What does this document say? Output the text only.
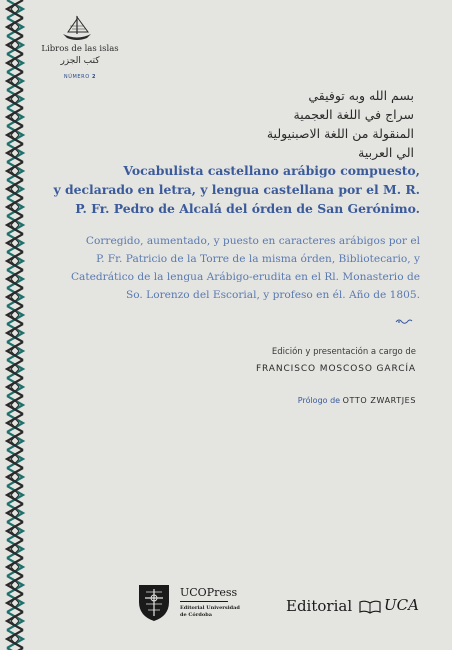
Libros de las islas
كتب الجزر
NÚMERO 2
بسم الله وبه توفيقي
سراج في اللغة العجمية
المنقولة من اللغة الاصبنيولية
الي العربية
Vocabulista castellano arábigo compuesto,
y declarado en letra, y lengua castellana por el M. R.
P. Fr. Pedro de Alcalá del órden de San Gerónimo.
Corregido, aumentado, y puesto en caracteres arábigos por el
P. Fr. Patricio de la Torre de la misma órden, Bibliotecario, y
Catedrático de la lengua Arábigo-erudita en el Rl. Monasterio de
So. Lorenzo del Escorial, y profeso en él. Año de 1805.
Edición y presentación a cargo de
FRANCISCO MOSCOSO GARCÍA
Prólogo de OTTO ZWARTJES
UCOPress
Editorial Universidad
de Córdoba	Editorial UCA
